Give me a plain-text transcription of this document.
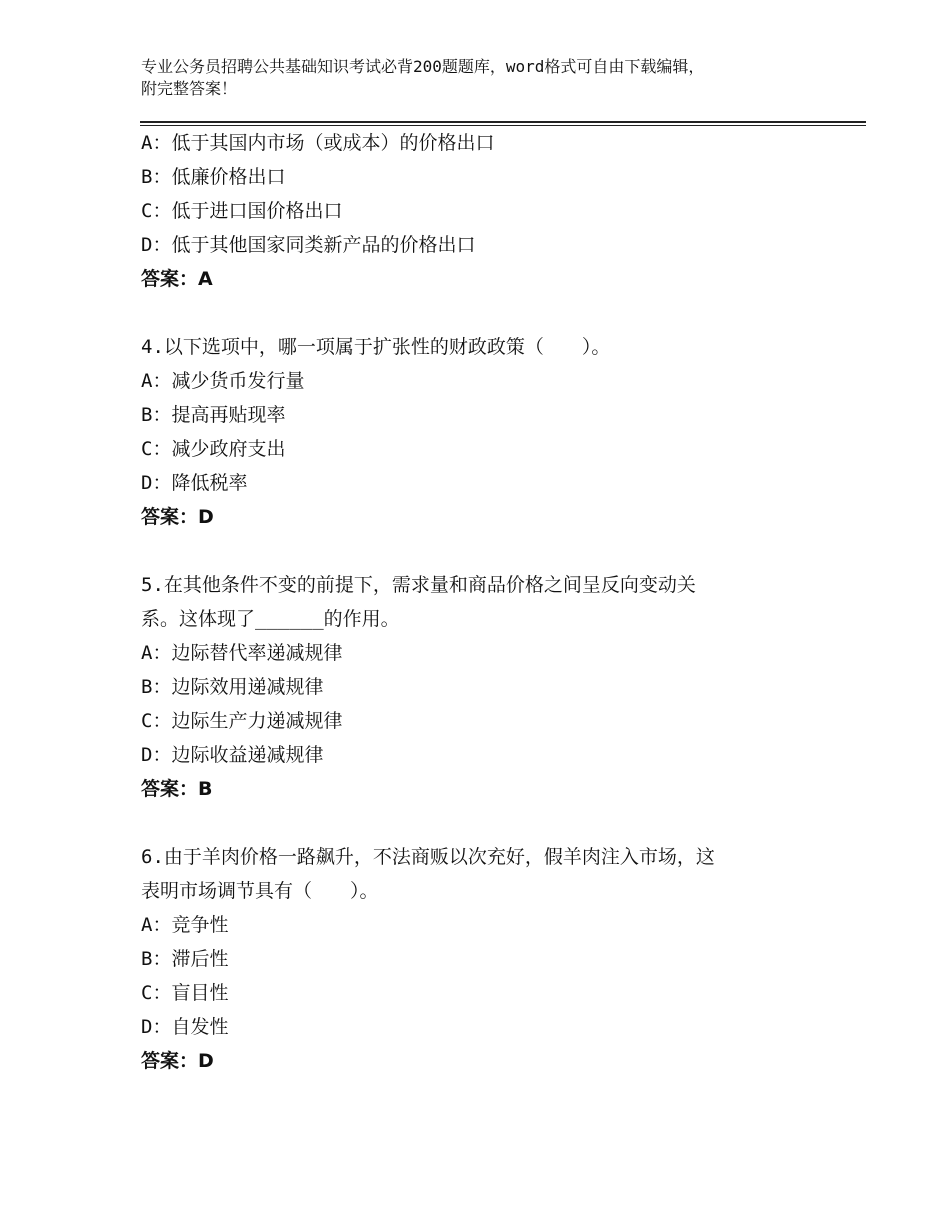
专业公务员招聘公共基础知识考试必背200题题库，word格式可自由下载编辑，
附完整答案！
A：低于其国内市场（或成本）的价格出口
B：低廉价格出口
C：低于进口国价格出口
D：低于其他国家同类新产品的价格出口
答案：A
4.以下选项中，哪一项属于扩张性的财政政策（　　）。
A：减少货币发行量
B：提高再贴现率
C：减少政府支出
D：降低税率
答案：D
5.在其他条件不变的前提下，需求量和商品价格之间呈反向变动关
系。这体现了______的作用。
A：边际替代率递减规律
B：边际效用递减规律
C：边际生产力递减规律
D：边际收益递减规律
答案：B
6.由于羊肉价格一路飙升，不法商贩以次充好，假羊肉注入市场，这
表明市场调节具有（　　）。
A：竞争性
B：滞后性
C：盲目性
D：自发性
答案：D
